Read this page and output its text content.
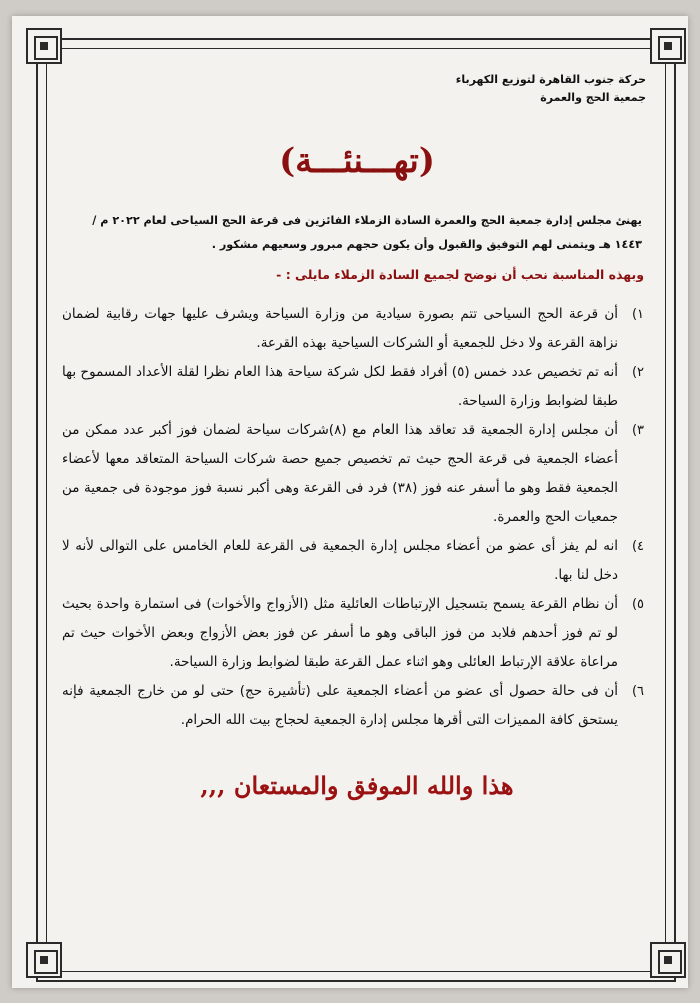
حركة جنوب القاهرة لتوزيع الكهرباء
جمعية الحج والعمرة
(تهـــنئـــة)
يهنئ مجلس إدارة جمعية الحج والعمرة السادة الزملاء الفائزين فى قرعة الحج السياحى لعام ٢٠٢٢ م /
١٤٤٣ هـ ويتمنى لهم التوفيق والقبول وأن يكون حجهم مبرور وسعيهم مشكور .
وبهذه المناسبة نحب أن نوضح لجميع السادة الزملاء مايلى : -
١)
أن قرعة الحج السياحى تتم بصورة سيادية من وزارة السياحة ويشرف عليها جهات رقابية لضمان نزاهة القرعة ولا دخل للجمعية أو الشركات السياحية بهذه القرعة.
٢)
أنه تم تخصيص عدد خمس (٥) أفراد فقط لكل شركة سياحة هذا العام نظرا لقلة الأعداد المسموح بها طبقا لضوابط وزارة السياحة.
٣)
أن مجلس إدارة الجمعية قد تعاقد هذا العام مع (٨)شركات سياحة لضمان فوز أكبر عدد ممكن من أعضاء الجمعية فى قرعة الحج حيث تم تخصيص جميع حصة شركات السياحة المتعاقد معها لأعضاء الجمعية فقط وهو ما أسفر عنه فوز (٣٨) فرد فى القرعة وهى أكبر نسبة فوز موجودة فى جمعية من جمعيات الحج والعمرة.
٤)
انه لم يفز أى عضو من أعضاء مجلس إدارة الجمعية فى القرعة للعام الخامس على التوالى لأنه لا دخل لنا بها.
٥)
أن نظام القرعة يسمح بتسجيل الإرتباطات العائلية مثل (الأزواج والأخوات) فى استمارة واحدة بحيث لو تم فوز أحدهم فلابد من فوز الباقى وهو ما أسفر عن فوز بعض الأزواج وبعض الأخوات حيث تم مراعاة علاقة الإرتباط العائلى وهو اثناء عمل القرعة طبقا لضوابط وزارة السياحة.
٦)
أن فى حالة حصول أى عضو من أعضاء الجمعية على (تأشيرة حج) حتى لو من خارج الجمعية فإنه يستحق كافة المميزات التى أقرها مجلس إدارة الجمعية لحجاج بيت الله الحرام.
هذا والله الموفق والمستعان ,,,
